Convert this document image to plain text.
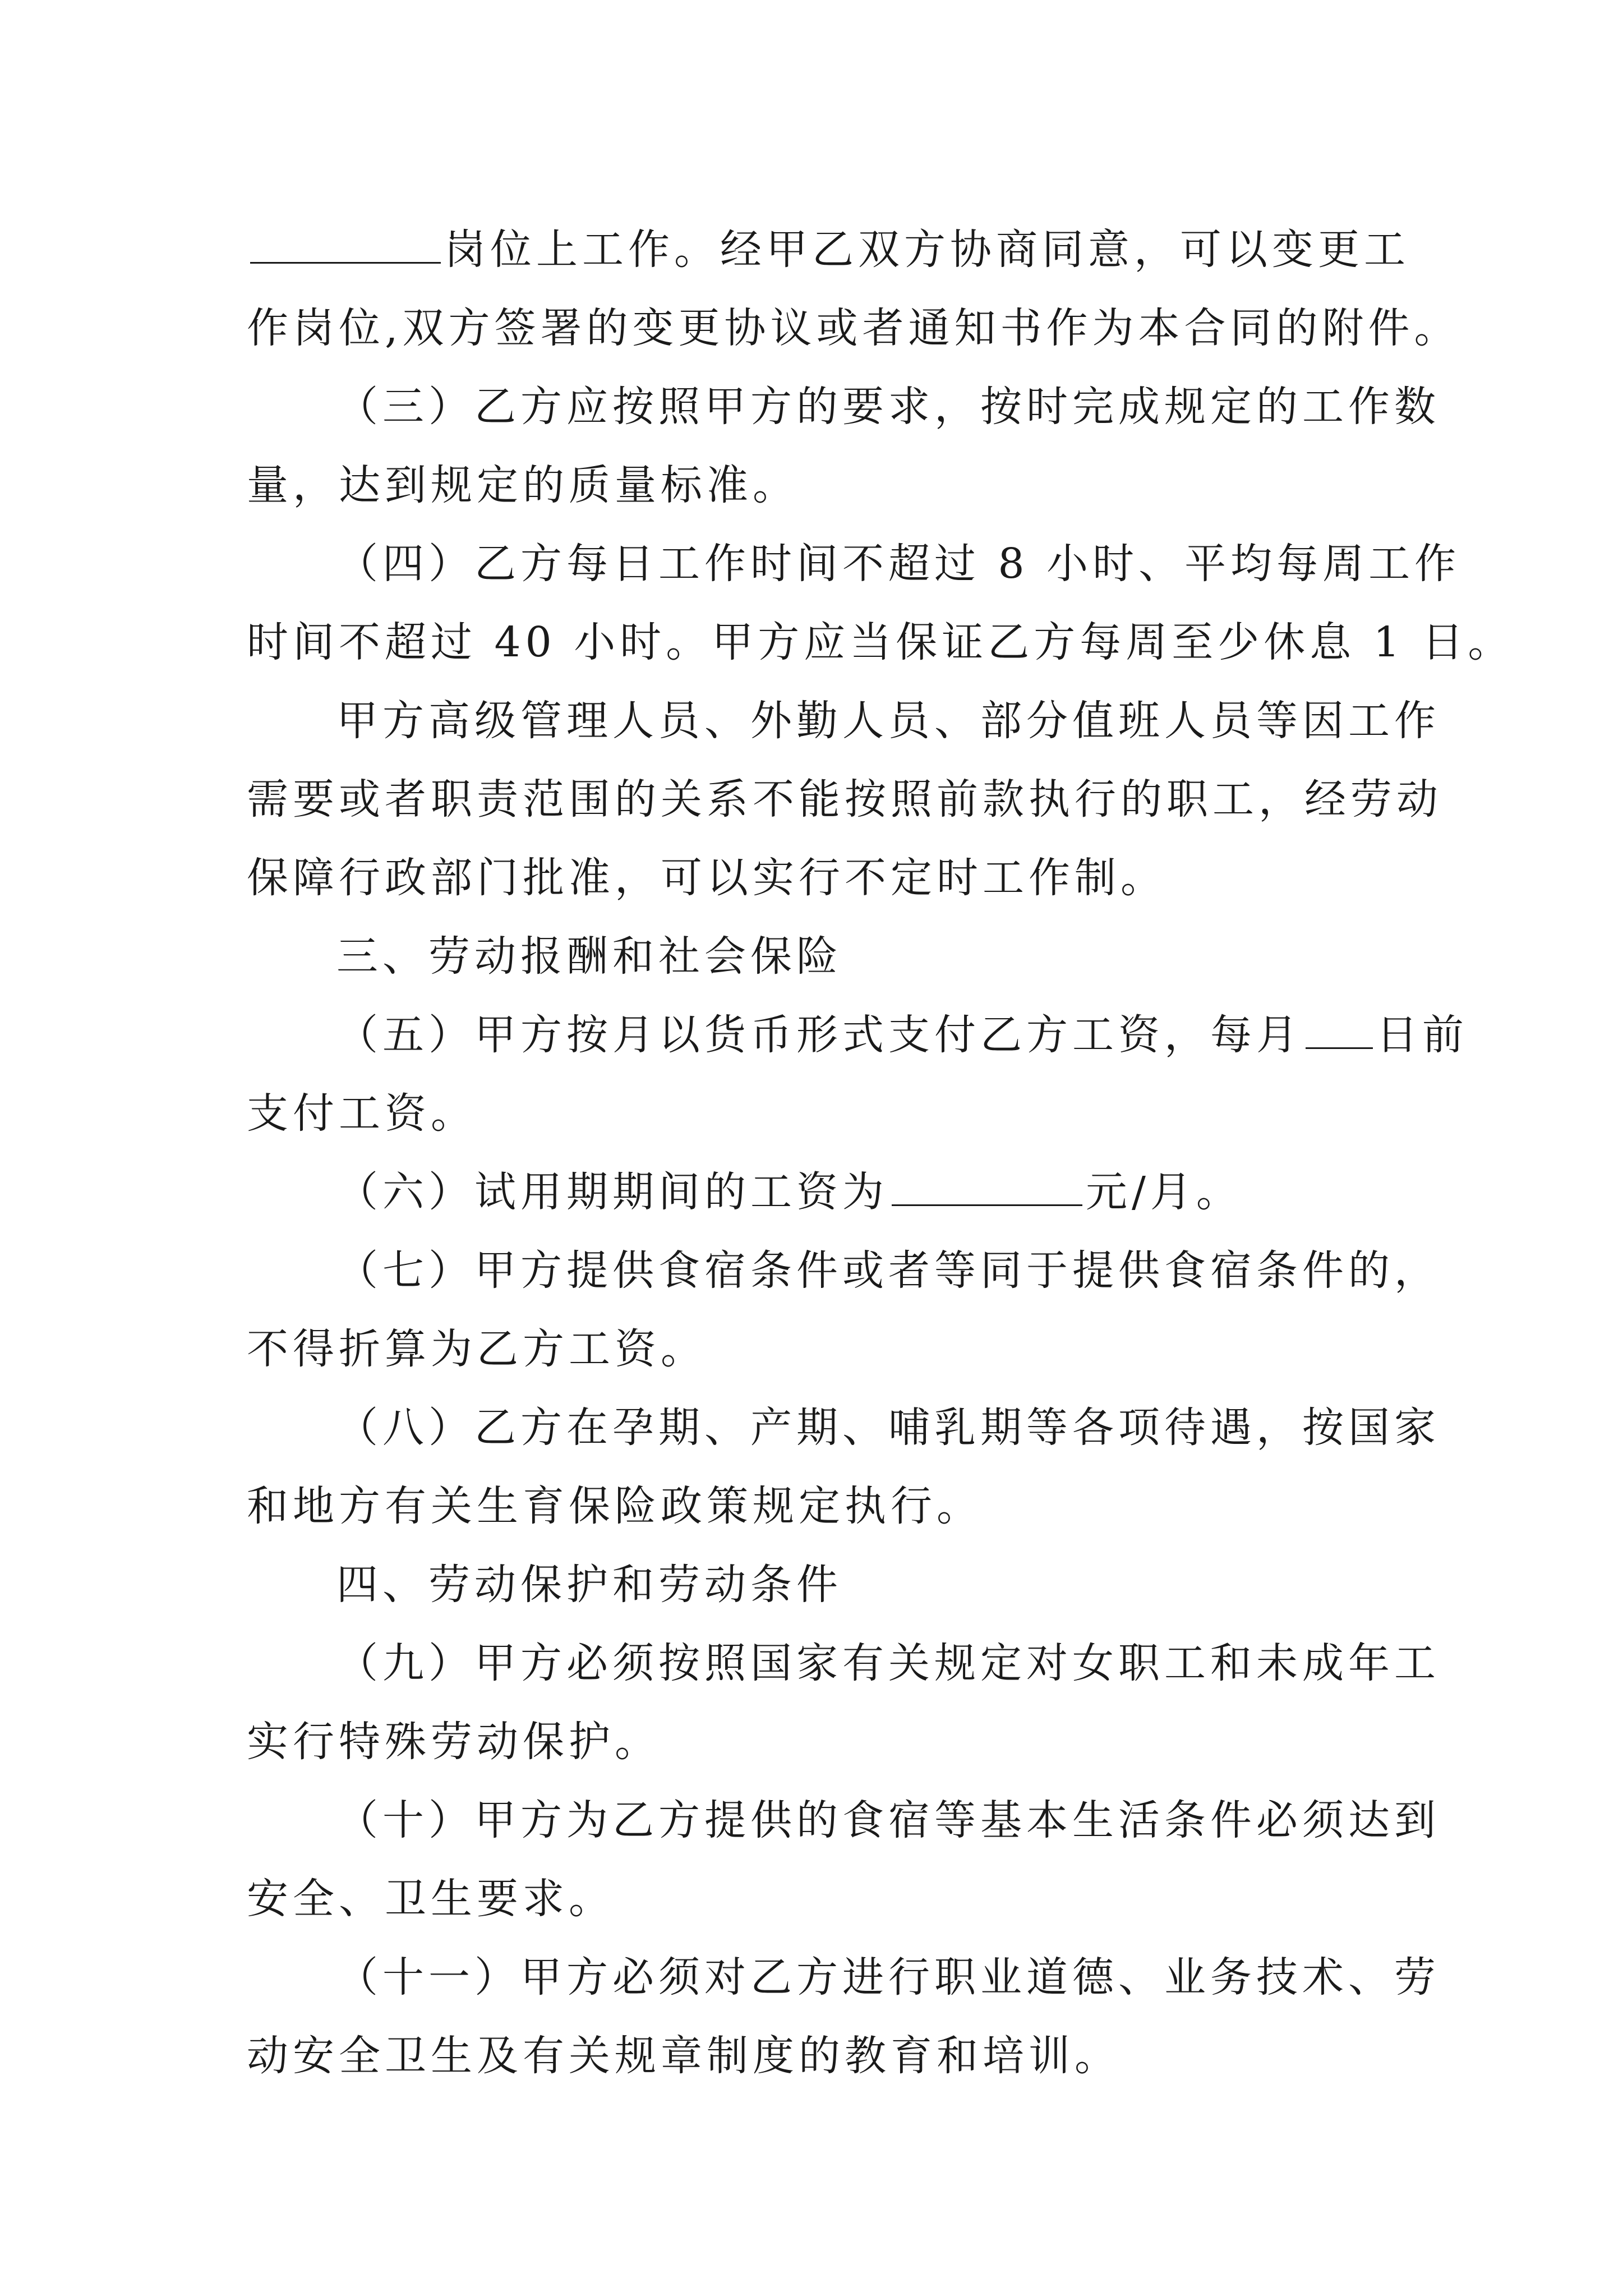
岗位上工作。经甲乙双方协商同意，可以变更工
作岗位,双方签署的变更协议或者通知书作为本合同的附件。
（三）乙方应按照甲方的要求，按时完成规定的工作数
量，达到规定的质量标准。
（四）乙方每日工作时间不超过 8 小时、平均每周工作
时间不超过 40 小时。甲方应当保证乙方每周至少休息 1 日。
甲方高级管理人员、外勤人员、部分值班人员等因工作
需要或者职责范围的关系不能按照前款执行的职工，经劳动
保障行政部门批准，可以实行不定时工作制。
三、劳动报酬和社会保险
（五）甲方按月以货币形式支付乙方工资，每月 日前
支付工资。
（六）试用期期间的工资为	元/月。
（七）甲方提供食宿条件或者等同于提供食宿条件的，
不得折算为乙方工资。
（八）乙方在孕期、产期、哺乳期等各项待遇，按国家
和地方有关生育保险政策规定执行。
四、劳动保护和劳动条件
（九）甲方必须按照国家有关规定对女职工和未成年工
实行特殊劳动保护。
（十）甲方为乙方提供的食宿等基本生活条件必须达到
安全、卫生要求。
（十一）甲方必须对乙方进行职业道德、业务技术、劳
动安全卫生及有关规章制度的教育和培训。
